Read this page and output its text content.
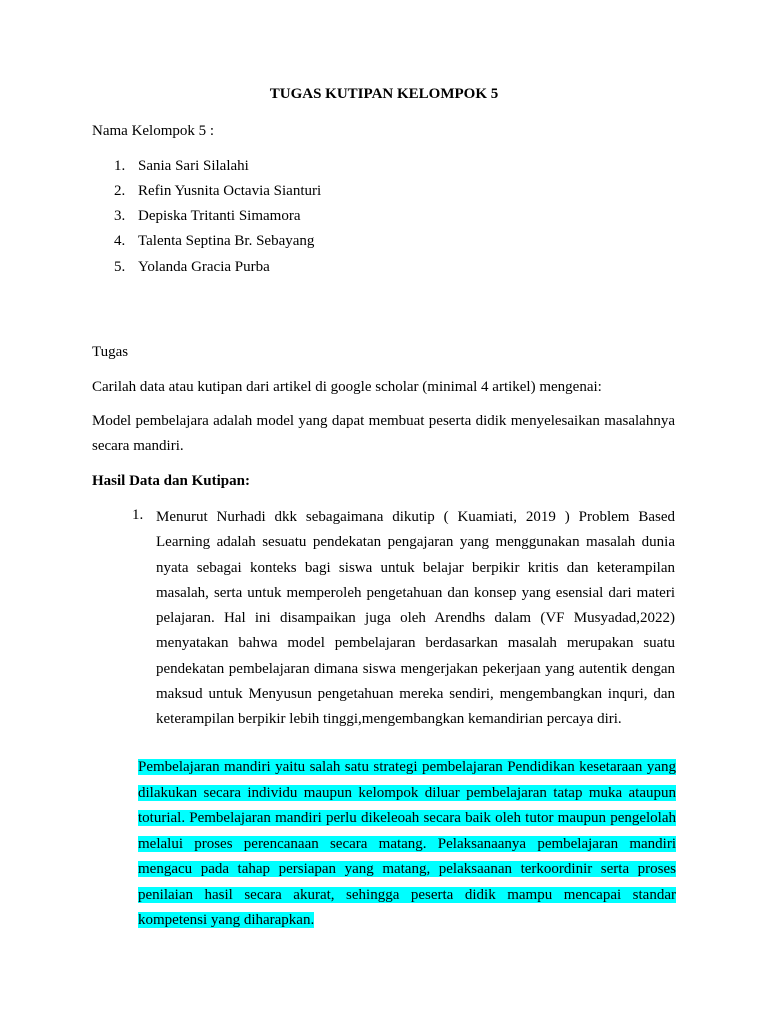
TUGAS KUTIPAN KELOMPOK 5
Nama Kelompok 5 :
1. Sania Sari Silalahi
2. Refin Yusnita Octavia Sianturi
3. Depiska Tritanti Simamora
4. Talenta Septina Br. Sebayang
5. Yolanda Gracia Purba
Tugas
Carilah data atau kutipan dari artikel di google scholar (minimal 4 artikel) mengenai:
Model pembelajara adalah model yang dapat membuat peserta didik menyelesaikan masalahnya secara mandiri.
Hasil Data dan Kutipan:
1. Menurut Nurhadi dkk sebagaimana dikutip ( Kuamiati, 2019 ) Problem Based Learning adalah sesuatu pendekatan pengajaran yang menggunakan masalah dunia nyata sebagai konteks bagi siswa untuk belajar berpikir kritis dan keterampilan masalah, serta untuk memperoleh pengetahuan dan konsep yang esensial dari materi pelajaran. Hal ini disampaikan juga oleh Arendhs dalam (VF Musyadad,2022) menyatakan bahwa model pembelajaran berdasarkan masalah merupakan suatu pendekatan pembelajaran dimana siswa mengerjakan pekerjaan yang autentik dengan maksud untuk Menyusun pengetahuan mereka sendiri, mengembangkan inquri, dan keterampilan berpikir lebih tinggi,mengembangkan kemandirian percaya diri.
Pembelajaran mandiri yaitu salah satu strategi pembelajaran Pendidikan kesetaraan yang dilakukan secara individu maupun kelompok diluar pembelajaran tatap muka ataupun toturial. Pembelajaran mandiri perlu dikeleoah secara baik oleh tutor maupun pengelolah melalui proses perencanaan secara matang. Pelaksanaanya pembelajaran mandiri mengacu pada tahap persiapan yang matang, pelaksaanan terkoordinir serta proses penilaian hasil secara akurat, sehingga peserta didik mampu mencapai standar kompetensi yang diharapkan.
